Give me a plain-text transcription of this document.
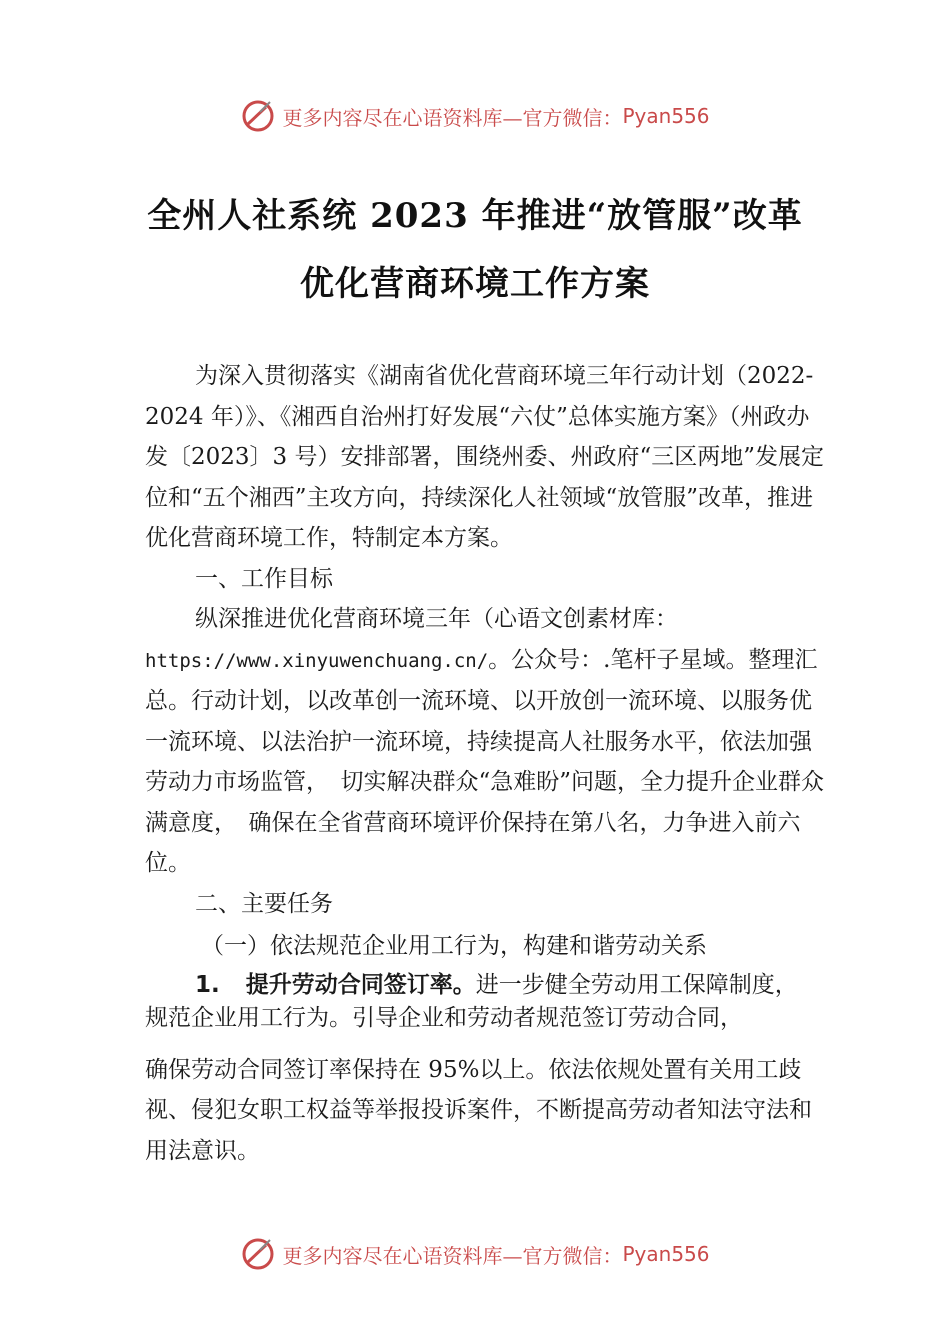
更多内容尽在心语资料库—官方微信： Pyan556
全州人社系统 2023 年推进“放管服”改革
优化营商环境工作方案

为深入贯彻落实《湖南省优化营商环境三年行动计划（2022-2024 年）》、《湘西自治州打好发展“六仗”总体实施方案》（州政办发〔2023〕3 号）安排部署，围绕州委、州政府“三区两地”发展定位和“五个湘西”主攻方向，持续深化人社领域“放管服”改革，推进优化营商环境工作，特制定本方案。

一、工作目标

纵深推进优化营商环境三年（心语文创素材库：https://www.xinyuwenchuang.cn/。公众号：.笔杆子星域。整理汇总。行动计划，以改革创一流环境、以开放创一流环境、以服务优一流环境、以法治护一流环境，持续提高人社服务水平，依法加强劳动力市场监管，　切实解决群众“急难盼”问题，全力提升企业群众满意度，　确保在全省营商环境评价保持在第八名，力争进入前六位。

二、主要任务

（一）依法规范企业用工行为，构建和谐劳动关系

1. 提升劳动合同签订率。进一步健全劳动用工保障制度，　规范企业用工行为。引导企业和劳动者规范签订劳动合同，

确保劳动合同签订率保持在 95%以上。依法依规处置有关用工歧视、侵犯女职工权益等举报投诉案件，不断提高劳动者知法守法和用法意识。

更多内容尽在心语资料库—官方微信： Pyan556
